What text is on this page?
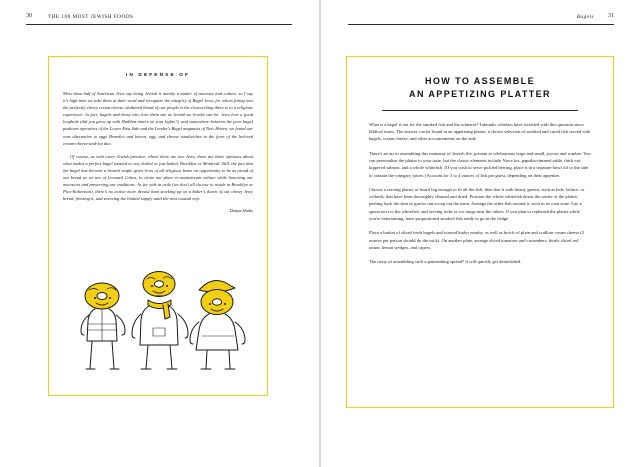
30	THE 100 MOST JEWISH FOODS
IN DEFENSE OF

More than half of American Jews say being Jewish is mainly a matter of ancestry and culture, so I say it's high time we take them at their word and recognize the integrity of Bagel Jews, for whom fitting into the perfectly chewy cream cheese–slathered bread of our people is the closest thing there is to a religious experience. In fact, bagels and those who love them are as Jewish as Jewish can be. Jews love a good loophole (did you grow up with Shabbat timers on your lights?), and somewhere between the poor bagel pushcart operators of the Lower East Side and the Lender's Bagel magnates of New Haven, we found our own alternative to eggs Benedict and bacon, egg, and cheese sandwiches in the form of the beloved cream-cheese-and-lox duo.

Of course, as with every Jewish practice, where there are two Jews, there are three opinions about what makes a perfect bagel toasted or not, boiled or just baked, Brooklyn or Montreal. Still, the fact that the bagel has become a brunch staple gives Jews of all religious bents an opportunity to be as proud of our bread as we are of Leonard Cohen, to claim our place in mainstream culture while honoring our ancestors and preserving our traditions. As for yids in exile (we don't all choose to reside in Brooklyn or Pico-Robertson), there's no action more devout than stocking up on a baker's dozen of our chewy Jewy bread, freezing it, and savoring the limited supply until the next coastal trip.

Danya Shults
31
Bagels
HOW TO ASSEMBLE
AN APPETIZING PLATTER

What is a bagel if not for the smoked fish and the schmear? Talmudic scholars have wrestled with this question since biblical times. The answer can be found in an appetizing platter, a choice selection of smoked and cured fish served with bagels, cream cheese, and other accoutrements on the side.

There's an art to assembling this mainstay of Jewish life, present at celebrations large and small, joyous and somber. You can personalize the platter to your taste, but the classic elements include Nova lox, paprika-rimmed sable, thick-cut kippered salmon, and a whole whitefish. (If you wish to serve pickled herring, place it in a separate bowl off to the side to contain the vinegary juices.) Account for 3 to 4 ounces of fish per guest, depending on their appetites.

Choose a serving platter or board big enough to fit all the fish, then line it with hearty greens, such as kale, lettuce, or collards, that have been thoroughly cleaned and dried. Position the whole whitefish down the center of the platter, peeling back the skin so guests can scoop out the meat. Arrange the other fish around it, each in its own zone. Lay a spoon next to the whitefish, and serving forks or ice tongs near the others. If you plan to replenish the platter while you're entertaining, have proportioned smoked fish ready to go in the fridge.

Place a basket of sliced fresh bagels and toasted bialys nearby, as well as bowls of plain and scallion cream cheese (2 ounces per person should do the trick). On another plate, arrange sliced tomatoes and cucumbers, thinly sliced red onion, lemon wedges, and capers.

The irony of assembling such a painstaking spread? It will quickly get demolished.
